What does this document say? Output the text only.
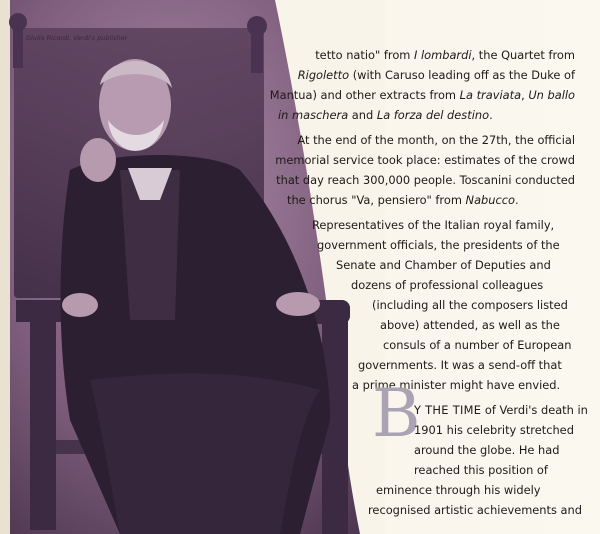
Giulio Ricordi, Verdi's publisher
tetto natio" from I lombardi, the Quartet from
Rigoletto (with Caruso leading off as the Duke of
Mantua) and other extracts from La traviata, Un ballo
in maschera and La forza del destino.
At the end of the month, on the 27th, the official
memorial service took place: estimates of the crowd
that day reach 300,000 people. Toscanini conducted
the chorus "Va, pensiero" from Nabucco.
Representatives of the Italian royal family,
government officials, the presidents of the
Senate and Chamber of Deputies and
dozens of professional colleagues
(including all the composers listed
above) attended, as well as the
consuls of a number of European
governments. It was a send-off that
a prime minister might have envied.
B
Y THE TIME of Verdi's death in
1901 his celebrity stretched
around the globe. He had
reached this position of
eminence through his widely
recognised artistic achievements and
